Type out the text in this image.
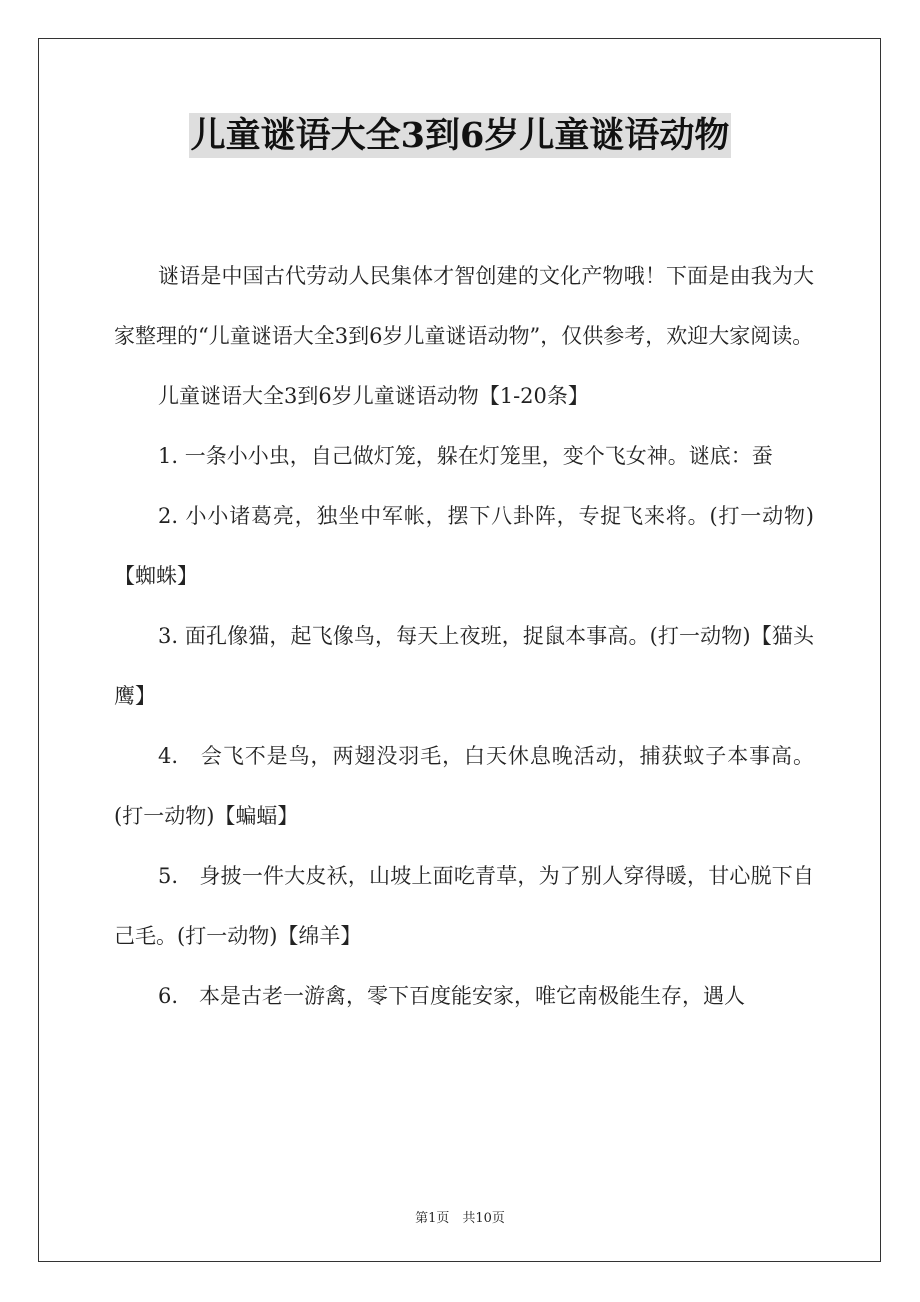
儿童谜语大全3到6岁儿童谜语动物

谜语是中国古代劳动人民集体才智创建的文化产物哦！下面是由我为大家整理的“儿童谜语大全3到6岁儿童谜语动物”，仅供参考，欢迎大家阅读。

儿童谜语大全3到6岁儿童谜语动物【1-20条】

1. 一条小小虫，自己做灯笼，躲在灯笼里，变个飞女神。谜底：蚕

2. 小小诸葛亮，独坐中军帐，摆下八卦阵，专捉飞来将。(打一动物)【蜘蛛】

3. 面孔像猫，起飞像鸟，每天上夜班，捉鼠本事高。(打一动物)【猫头鹰】

4.　会飞不是鸟，两翅没羽毛，白天休息晚活动，捕获蚊子本事高。(打一动物)【蝙蝠】

5.　身披一件大皮袄，山坡上面吃青草，为了别人穿得暖，甘心脱下自己毛。(打一动物)【绵羊】

6.　本是古老一游禽，零下百度能安家，唯它南极能生存，遇人

第1页　共10页
